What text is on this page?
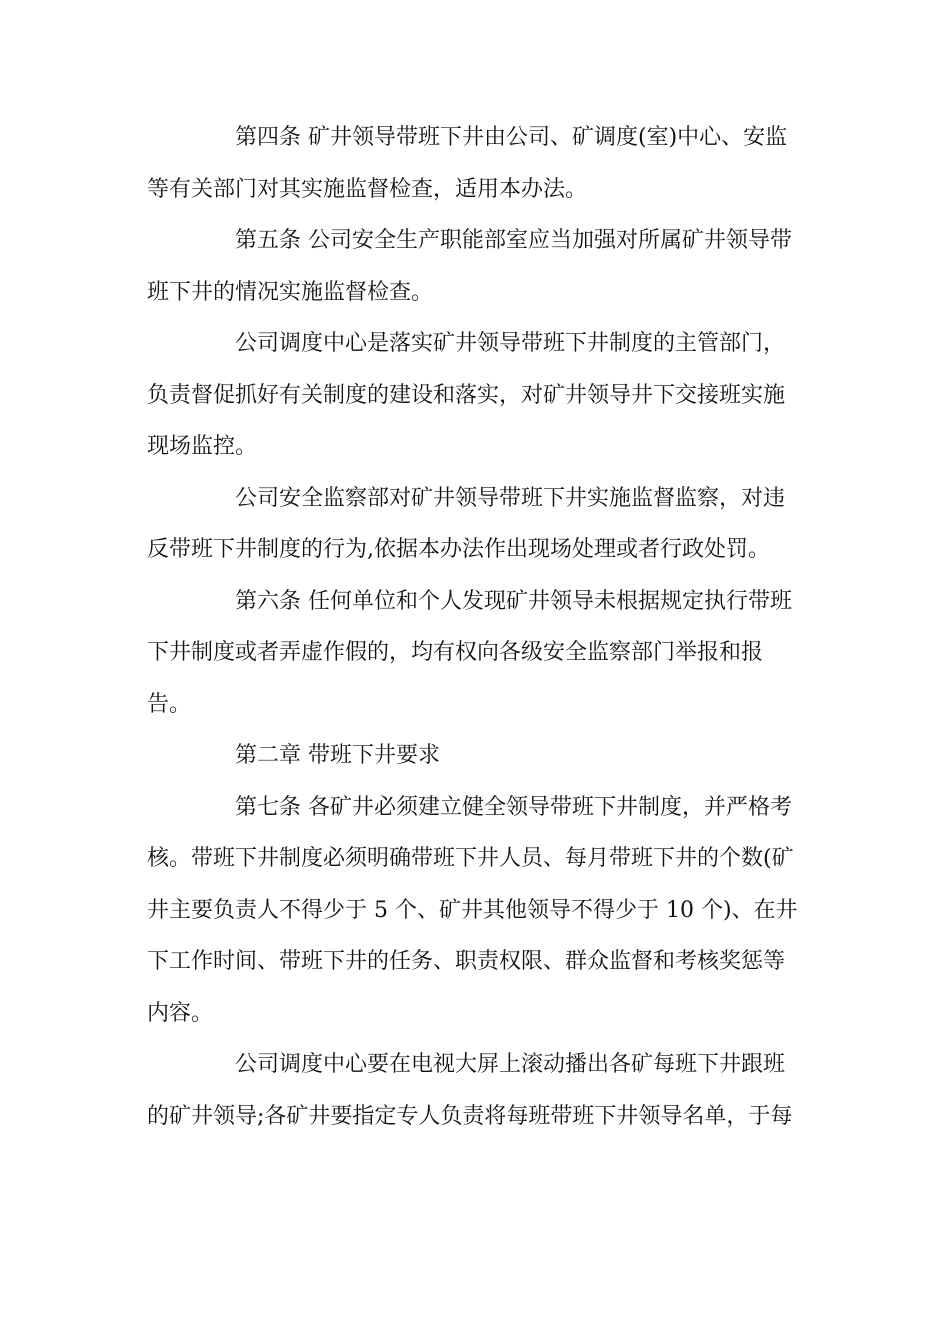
第四条 矿井领导带班下井由公司、矿调度(室)中心、安监
等有关部门对其实施监督检查，适用本办法。
第五条 公司安全生产职能部室应当加强对所属矿井领导带
班下井的情况实施监督检查。
公司调度中心是落实矿井领导带班下井制度的主管部门，
负责督促抓好有关制度的建设和落实，对矿井领导井下交接班实施
现场监控。
公司安全监察部对矿井领导带班下井实施监督监察，对违
反带班下井制度的行为,依据本办法作出现场处理或者行政处罚。
第六条 任何单位和个人发现矿井领导未根据规定执行带班
下井制度或者弄虚作假的，均有权向各级安全监察部门举报和报
告。
第二章 带班下井要求
第七条 各矿井必须建立健全领导带班下井制度，并严格考
核。带班下井制度必须明确带班下井人员、每月带班下井的个数(矿
井主要负责人不得少于 5 个、矿井其他领导不得少于 10 个)、在井
下工作时间、带班下井的任务、职责权限、群众监督和考核奖惩等
内容。
公司调度中心要在电视大屏上滚动播出各矿每班下井跟班
的矿井领导;各矿井要指定专人负责将每班带班下井领导名单，于每
